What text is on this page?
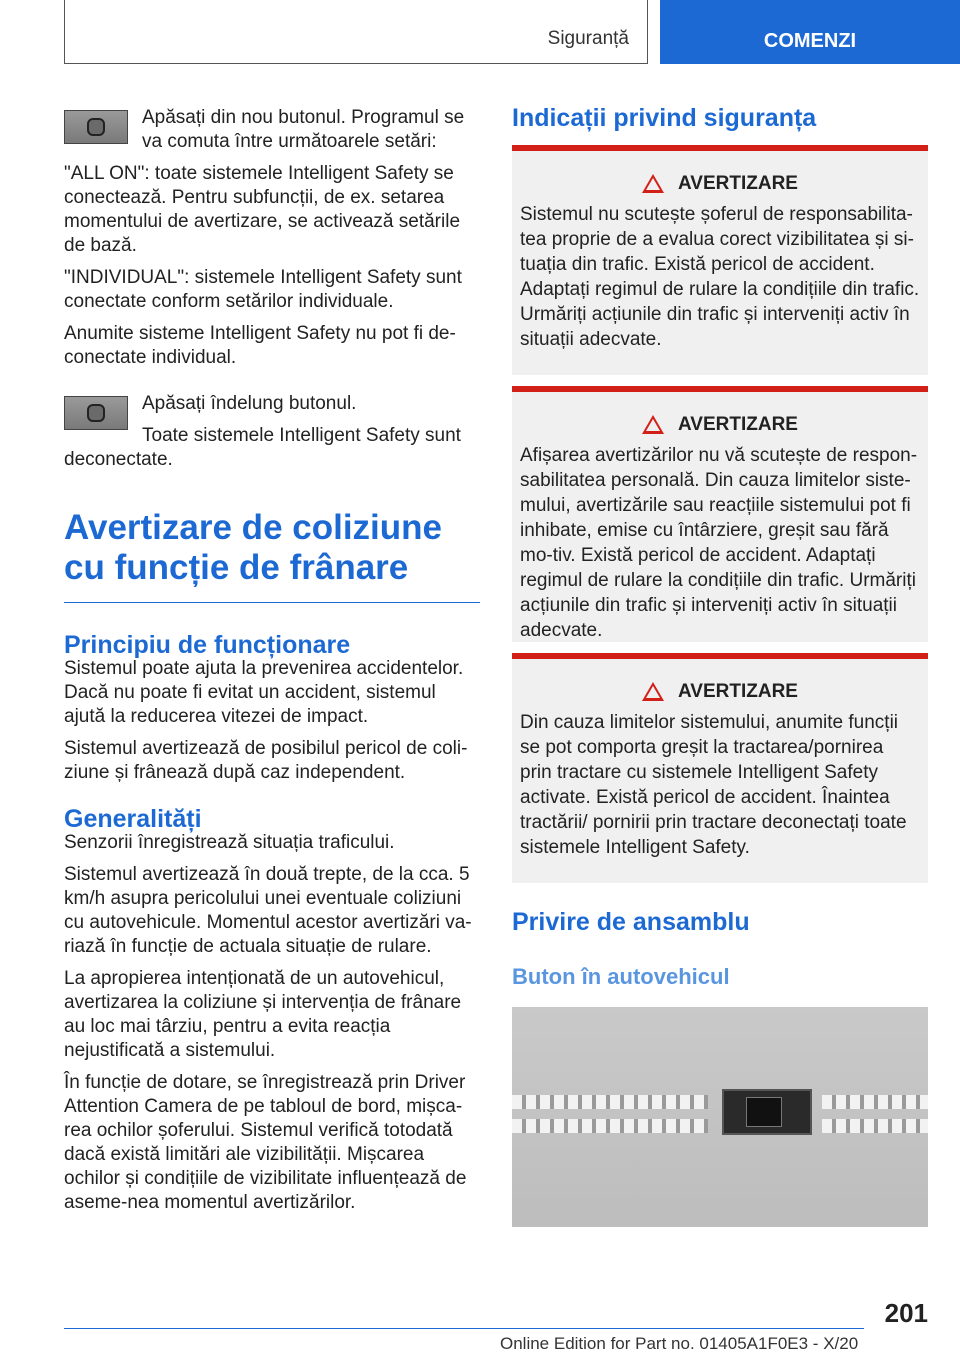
Siguranță	COMENZI

Apăsați din nou butonul. Programul se va comuta între următoarele setări:

"ALL ON": toate sistemele Intelligent Safety se conectează. Pentru subfuncții, de ex. setarea momentului de avertizare, se activează setările de bază.

"INDIVIDUAL": sistemele Intelligent Safety sunt conectate conform setărilor individuale.

Anumite sisteme Intelligent Safety nu pot fi de‐conectate individual.

Apăsați îndelung butonul.

Toate sistemele Intelligent Safety sunt deconectate.

Avertizare de coliziune cu funcție de frânare
Principiu de funcționare

Sistemul poate ajuta la prevenirea accidentelor. Dacă nu poate fi evitat un accident, sistemul ajută la reducerea vitezei de impact.

Sistemul avertizează de posibilul pericol de coli‐ziune și frânează după caz independent.

Generalități

Senzorii înregistrează situația traficului.

Sistemul avertizează în două trepte, de la cca. 5 km/h asupra pericolului unei eventuale coliziuni cu autovehicule. Momentul acestor avertizări va‐riază în funcție de actuala situație de rulare.

La apropierea intenționată de un autovehicul, avertizarea la coliziune și intervenția de frânare au loc mai târziu, pentru a evita reacția nejustificată a sistemului.

În funcție de dotare, se înregistrează prin Driver Attention Camera de pe tabloul de bord, mișca‐rea ochilor șoferului. Sistemul verifică totodată dacă există limitări ale vizibilității. Mișcarea ochilor și condițiile de vizibilitate influențează de aseme‐nea momentul avertizărilor.

Indicații privind siguranța
AVERTIZARE
Sistemul nu scutește șoferul de responsabilita‐tea proprie de a evalua corect vizibilitatea și si‐tuația din trafic. Există pericol de accident. Adaptați regimul de rulare la condițiile din trafic. Urmăriți acțiunile din trafic și interveniți activ în situații adecvate.
AVERTIZARE
Afișarea avertizărilor nu vă scutește de respon‐sabilitatea personală. Din cauza limitelor siste‐mului, avertizările sau reacțiile sistemului pot fi inhibate, emise cu întârziere, greșit sau fără mo‐tiv. Există pericol de accident. Adaptați regimul de rulare la condițiile din trafic. Urmăriți acțiunile din trafic și interveniți activ în situații adecvate.
AVERTIZARE
Din cauza limitelor sistemului, anumite funcții se pot comporta greșit la tractarea/pornirea prin tractare cu sistemele Intelligent Safety activate. Există pericol de accident. Înaintea tractării/ pornirii prin tractare deconectați toate sistemele Intelligent Safety.
Privire de ansamblu
Buton în autovehicul
201
Online Edition for Part no. 01405A1F0E3 - X/20
